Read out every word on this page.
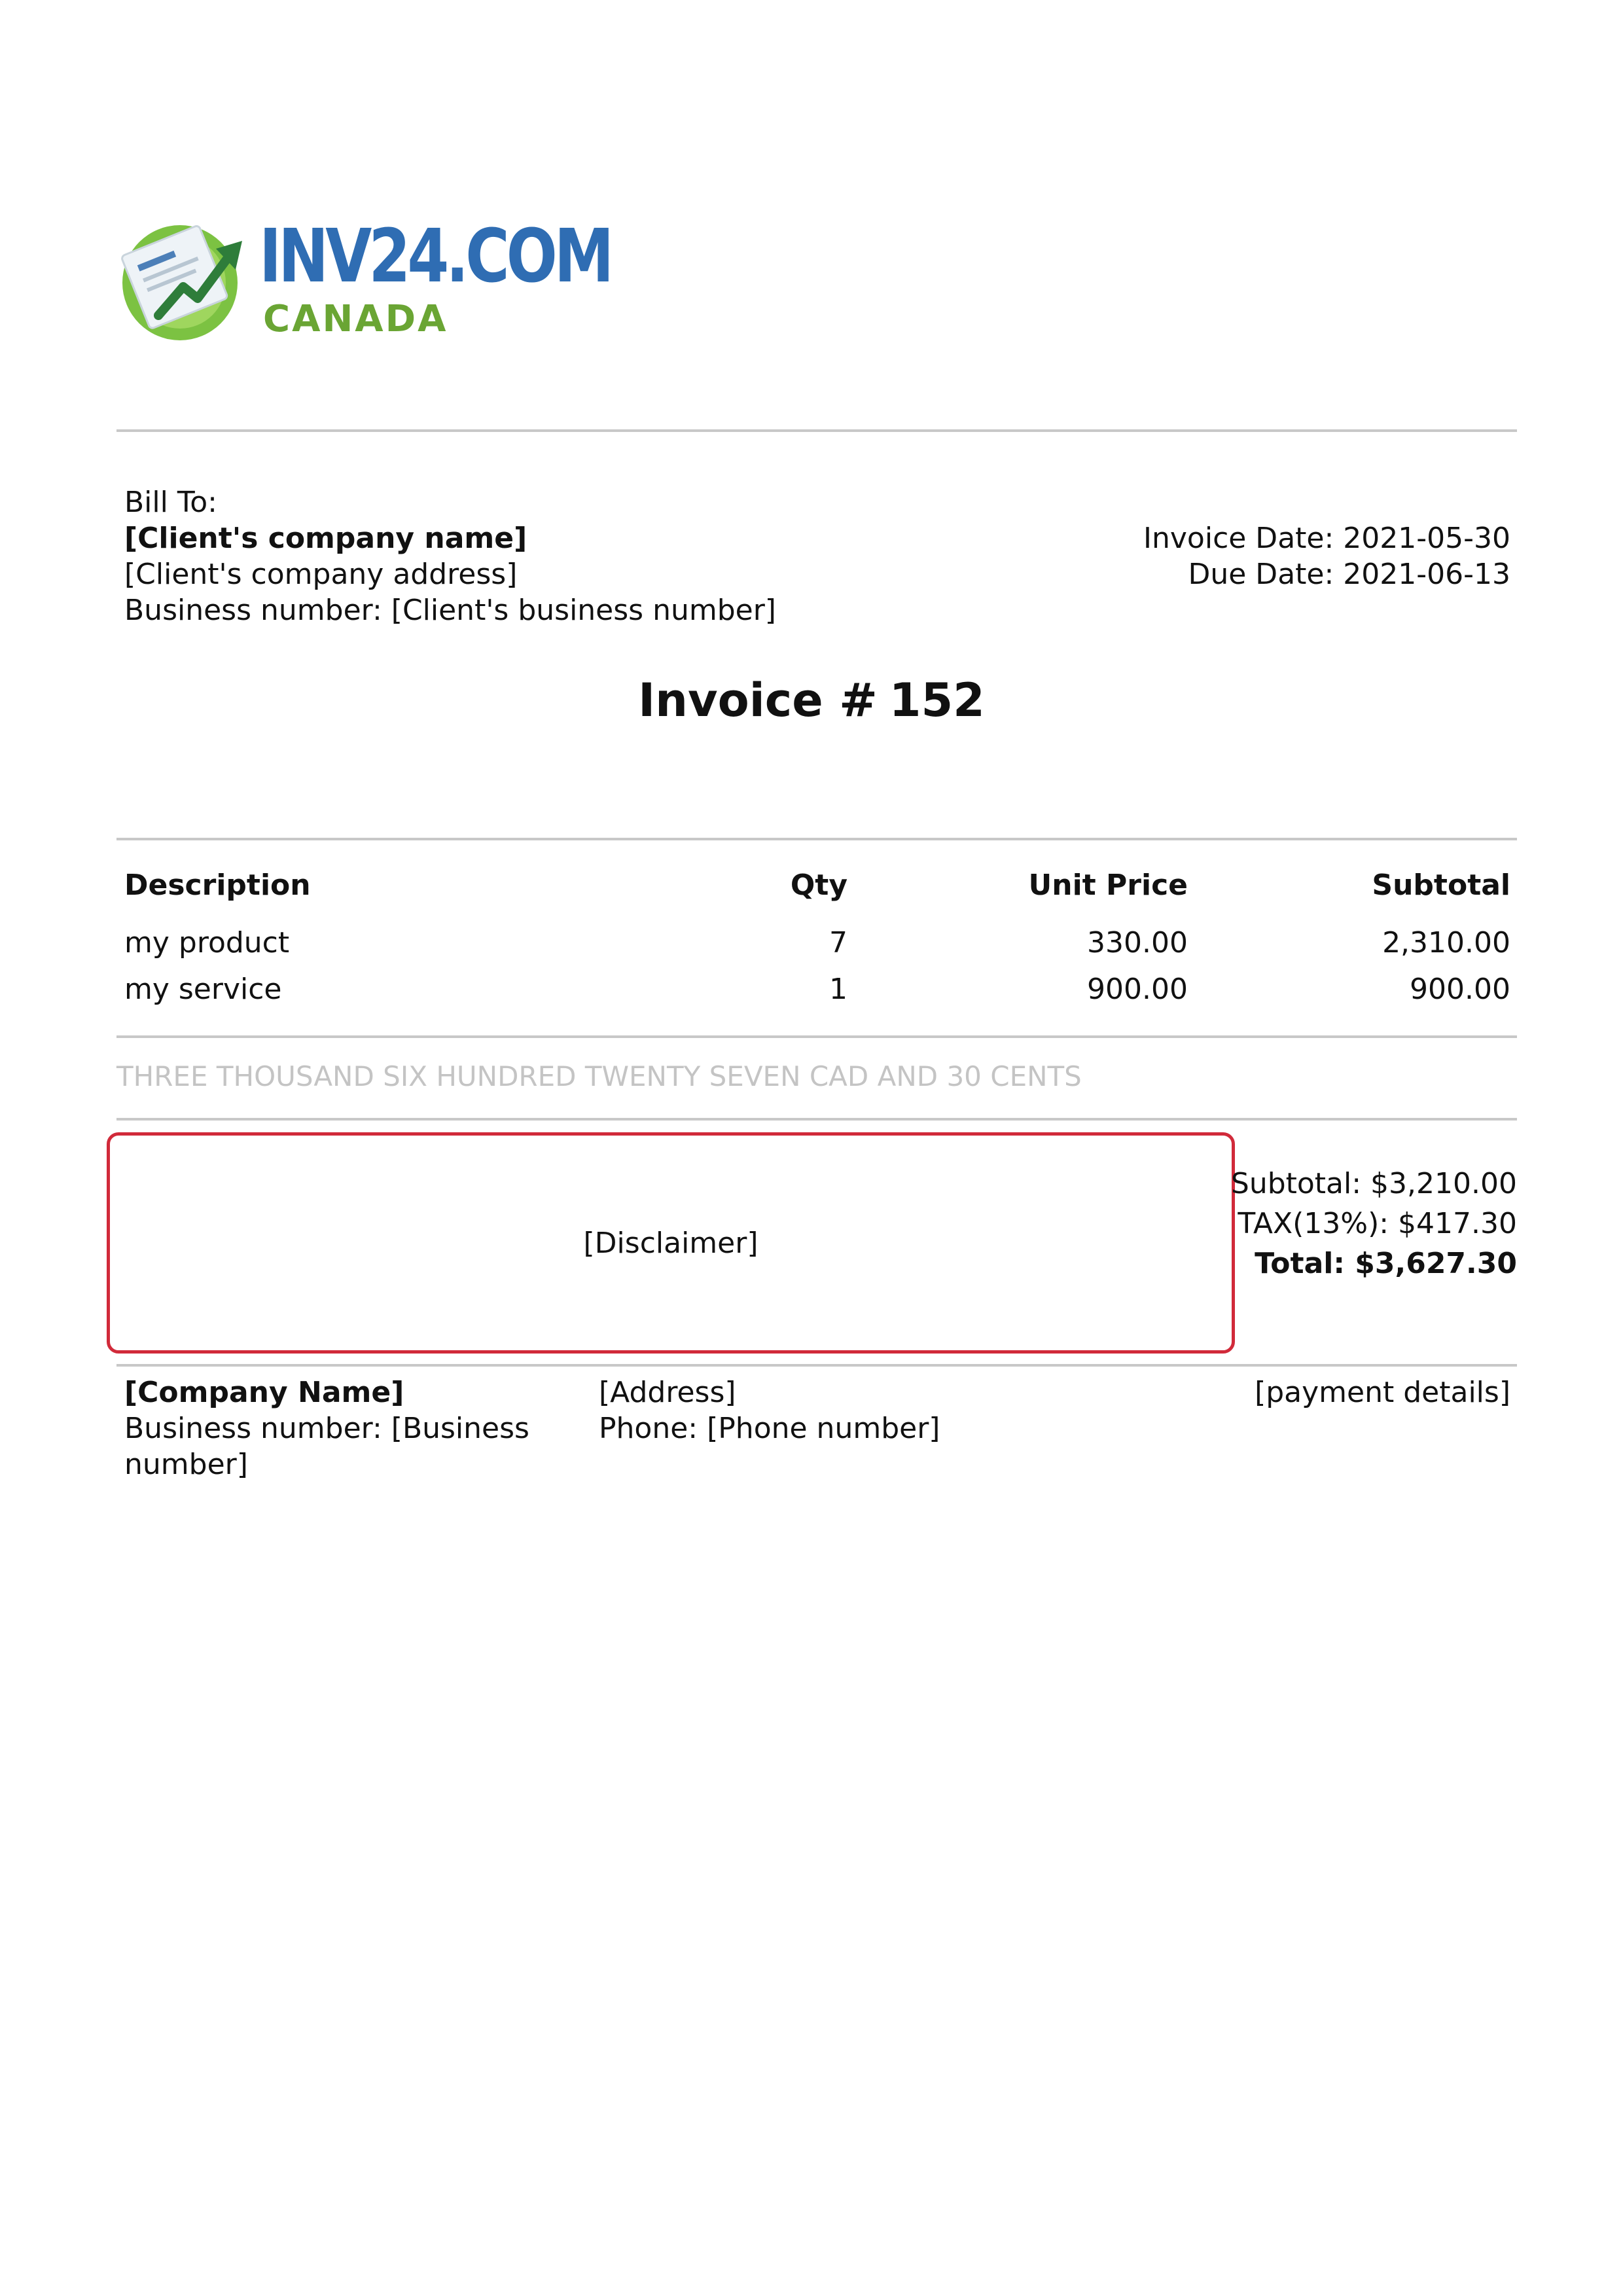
INV24.COM
CANADA
Bill To:
[Client's company name]
[Client's company address]
Business number: [Client's business number]
Invoice Date: 2021-05-30
Due Date: 2021-06-13
Invoice # 152
Description	Qty	Unit Price	Subtotal
my product	7	330.00	2,310.00
my service	1	900.00	900.00
THREE THOUSAND SIX HUNDRED TWENTY SEVEN CAD AND 30 CENTS
[Disclaimer]
Subtotal: $3,210.00
TAX(13%): $417.30
Total: $3,627.30
[Company Name]
Business number: [Business number]
[Address]
Phone: [Phone number]
[payment details]
